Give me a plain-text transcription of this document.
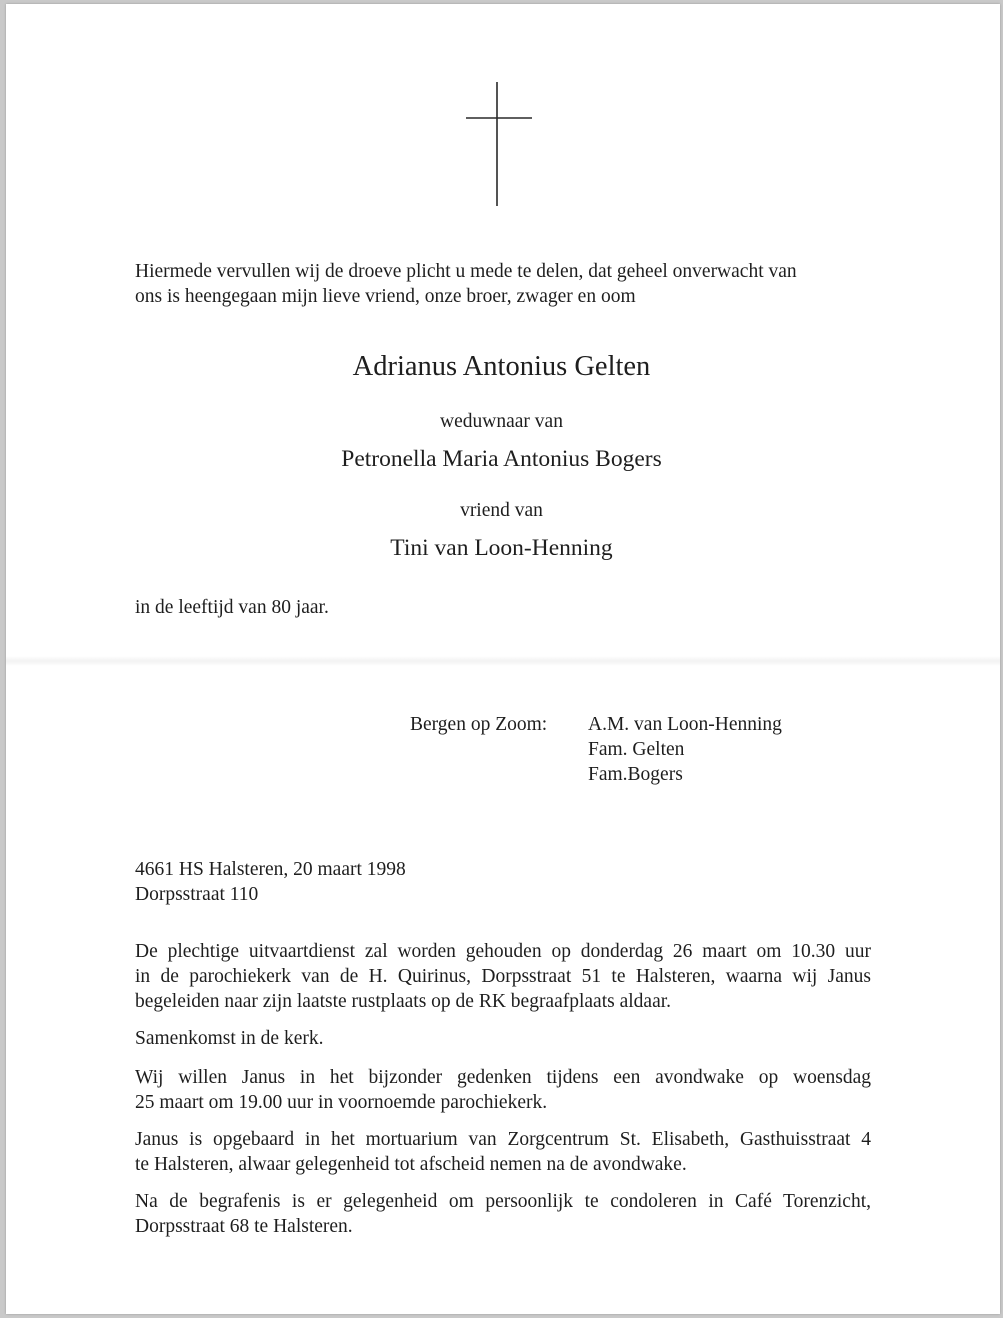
Hiermede vervullen wij de droeve plicht u mede te delen, dat geheel onverwacht van

ons is heengegaan mijn lieve vriend, onze broer, zwager en oom

Adrianus Antonius Gelten

weduwnaar van

Petronella Maria Antonius Bogers

vriend van

Tini van Loon-Henning

in de leeftijd van 80 jaar.

Bergen op Zoom: A.M. van Loon-Henning

Fam. Gelten

Fam.Bogers

4661 HS Halsteren, 20 maart 1998

Dorpsstraat 110

De plechtige uitvaartdienst zal worden gehouden op donderdag 26 maart om 10.30 uur
in de parochiekerk van de H. Quirinus, Dorpsstraat 51 te Halsteren, waarna wij Janus
begeleiden naar zijn laatste rustplaats op de RK begraafplaats aldaar.

Samenkomst in de kerk.

Wij willen Janus in het bijzonder gedenken tijdens een avondwake op woensdag
25 maart om 19.00 uur in voornoemde parochiekerk.
Janus is opgebaard in het mortuarium van Zorgcentrum St. Elisabeth, Gasthuisstraat 4
te Halsteren, alwaar gelegenheid tot afscheid nemen na de avondwake.
Na de begrafenis is er gelegenheid om persoonlijk te condoleren in Café Torenzicht,
Dorpsstraat 68 te Halsteren.
